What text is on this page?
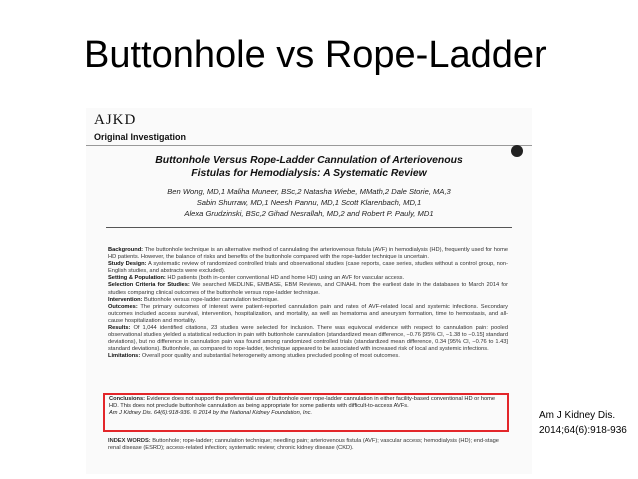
Buttonhole vs Rope-Ladder
AJKD
Original Investigation
Buttonhole Versus Rope-Ladder Cannulation of Arteriovenous
Fistulas for Hemodialysis: A Systematic Review
Ben Wong, MD,1 Maliha Muneer, BSc,2 Natasha Wiebe, MMath,2 Dale Storie, MA,3
Sabin Shurraw, MD,1 Neesh Pannu, MD,1 Scott Klarenbach, MD,1
Alexa Grudzinski, BSc,2 Gihad Nesrallah, MD,2 and Robert P. Pauly, MD1

Background: The buttonhole technique is an alternative method of cannulating the arteriovenous fistula (AVF) in hemodialysis (HD), frequently used for home HD patients. However, the balance of risks and benefits of the buttonhole compared with the rope-ladder technique is uncertain.

Study Design: A systematic review of randomized controlled trials and observational studies (case reports, case series, studies without a control group, non-English studies, and abstracts were excluded).

Setting & Population: HD patients (both in-center conventional HD and home HD) using an AVF for vascular access.

Selection Criteria for Studies: We searched MEDLINE, EMBASE, EBM Reviews, and CINAHL from the earliest date in the databases to March 2014 for studies comparing clinical outcomes of the buttonhole versus rope-ladder technique.

Intervention: Buttonhole versus rope-ladder cannulation technique.

Outcomes: The primary outcomes of interest were patient-reported cannulation pain and rates of AVF-related local and systemic infections. Secondary outcomes included access survival, intervention, hospitalization, and mortality, as well as hematoma and aneurysm formation, time to hemostasis, and all-cause hospitalization and mortality.

Results: Of 1,044 identified citations, 23 studies were selected for inclusion. There was equivocal evidence with respect to cannulation pain: pooled observational studies yielded a statistical reduction in pain with buttonhole cannulation (standardized mean difference, −0.76 [95% CI, −1.38 to −0.15] standard deviations), but no difference in cannulation pain was found among randomized controlled trials (standardized mean difference, 0.34 [95% CI, −0.76 to 1.43] standard deviations). Buttonhole, as compared to rope-ladder, technique appeared to be associated with increased risk of local and systemic infections.

Limitations: Overall poor quality and substantial heterogeneity among studies precluded pooling of most outcomes.

Conclusions: Evidence does not support the preferential use of buttonhole over rope-ladder cannulation in either facility-based conventional HD or home HD. This does not preclude buttonhole cannulation as being appropriate for some patients with difficult-to-access AVFs.

Am J Kidney Dis. 64(6):918-936. © 2014 by the National Kidney Foundation, Inc.

INDEX WORDS: Buttonhole; rope-ladder; cannulation technique; needling pain; arteriovenous fistula (AVF); vascular access; hemodialysis (HD); end-stage renal disease (ESRD); access-related infection; systematic review; chronic kidney disease (CKD).
Am J Kidney Dis.
2014;64(6):918-936
